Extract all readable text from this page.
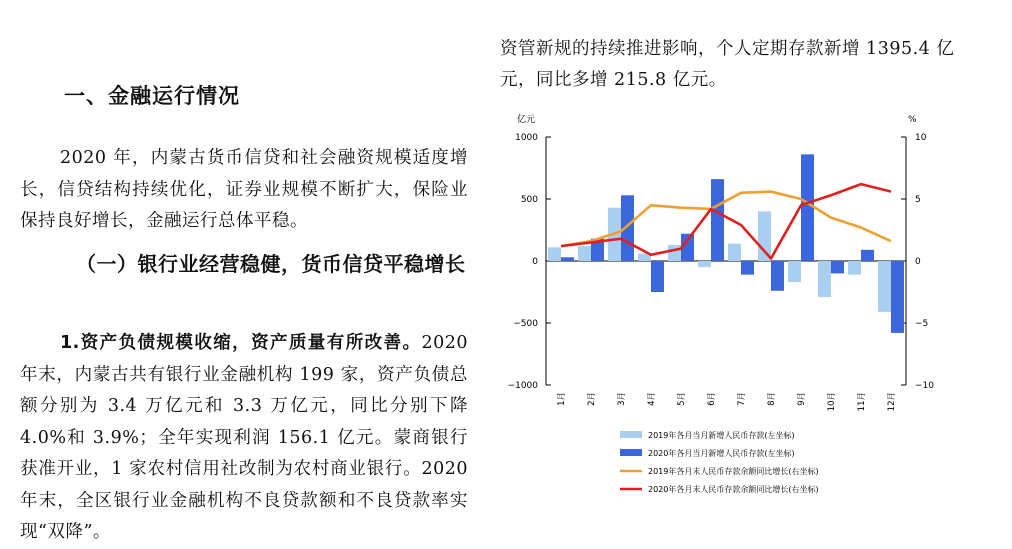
一、金融运行情况
2020 年，内蒙古货币信贷和社会融资规模适度增长，信贷结构持续优化，证券业规模不断扩大，保险业保持良好增长，金融运行总体平稳。
（一）银行业经营稳健，货币信贷平稳增长
1.资产负债规模收缩，资产质量有所改善。2020 年末，内蒙古共有银行业金融机构 199 家，资产负债总额分别为 3.4 万亿元和 3.3 万亿元，同比分别下降 4.0%和 3.9%；全年实现利润 156.1 亿元。蒙商银行获准开业，1 家农村信用社改制为农村商业银行。2020 年末，全区银行业金融机构不良贷款额和不良贷款率实现“双降”。
资管新规的持续推进影响，个人定期存款新增 1395.4 亿元，同比多增 215.8 亿元。
1000
500
0
−500
−1000
10
5
0
−5
−10
亿元	%
1月 2月 3月 4月 5月 6月 7月 8月 9月 10月 11月 12月
2019年各月当月新增人民币存款(左坐标)
2020年各月当月新增人民币存款(左坐标)
2019年各月末人民币存款余额同比增长(右坐标)
2020年各月末人民币存款余额同比增长(右坐标)
